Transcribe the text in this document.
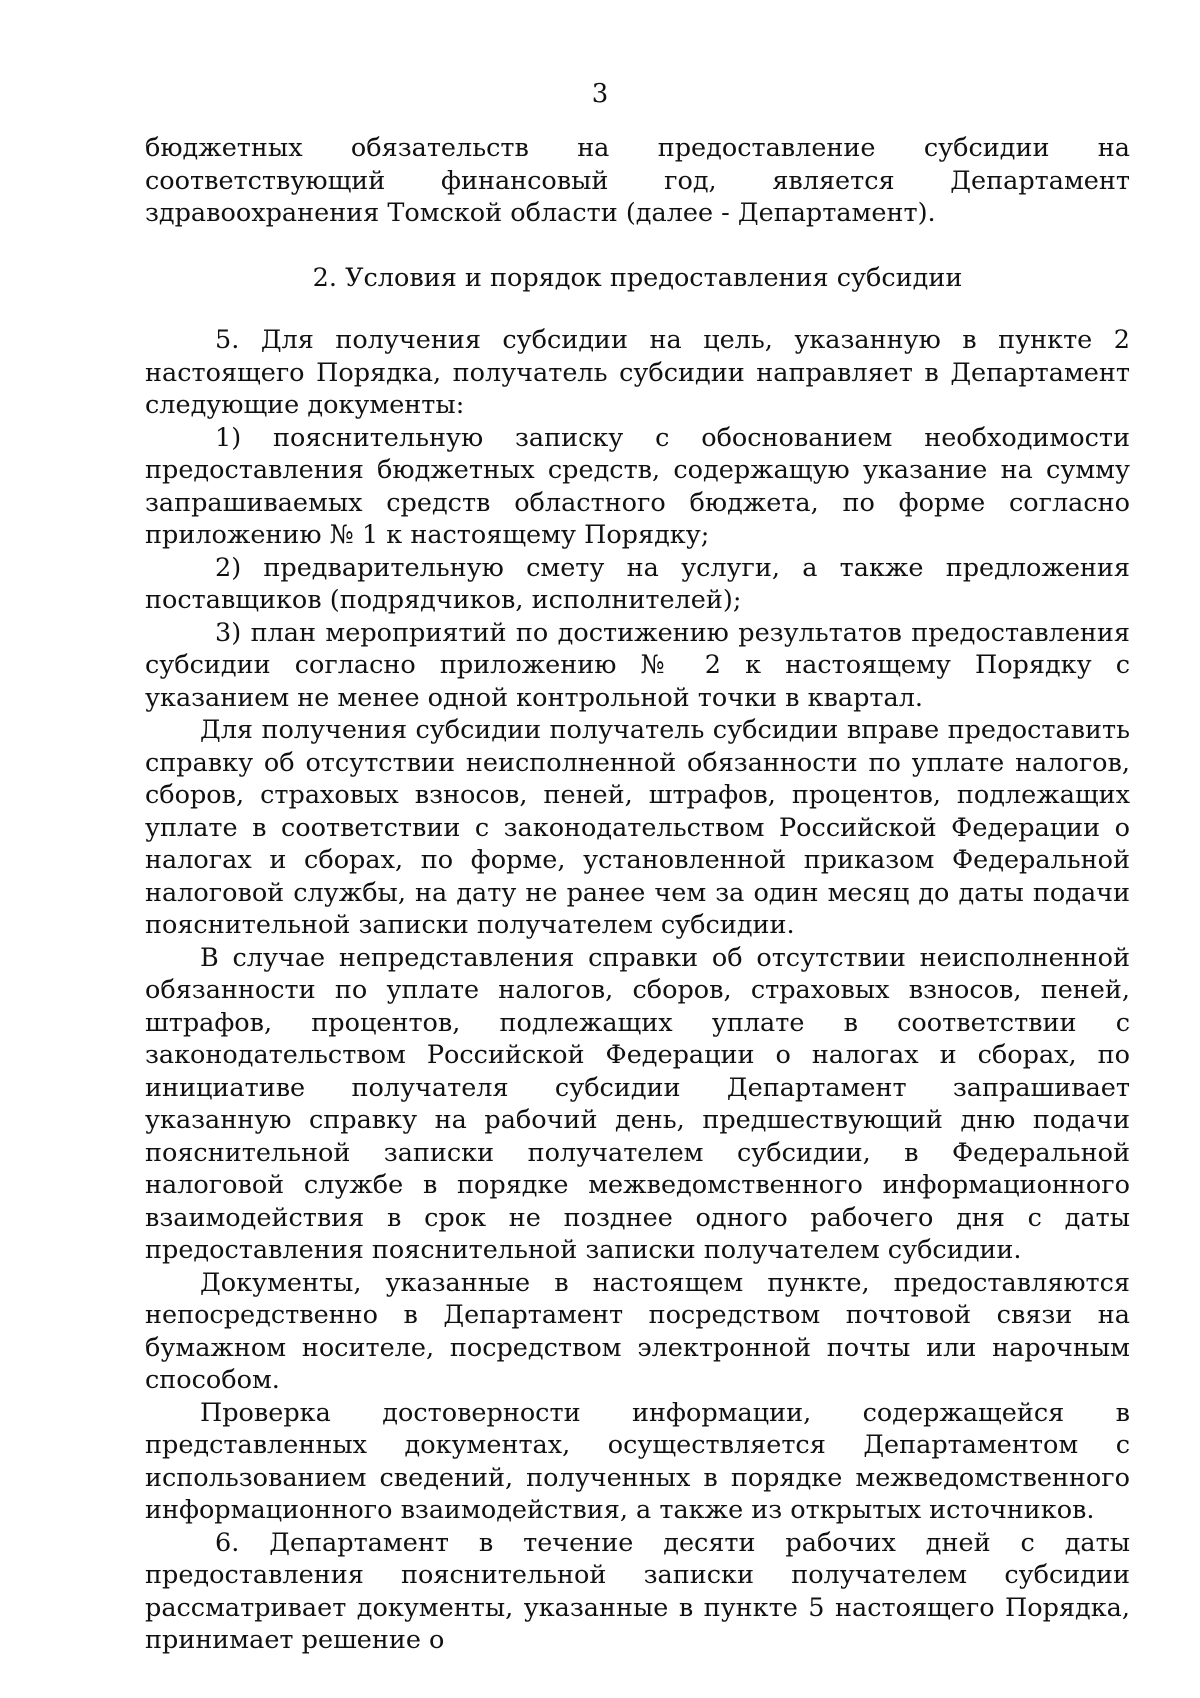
3

бюджетных обязательств на предоставление субсидии на соответствующий финансовый год, является Департамент здравоохранения Томской области (далее - Департамент).

2. Условия и порядок предоставления субсидии

5. Для получения субсидии на цель, указанную в пункте 2 настоящего Порядка, получатель субсидии направляет в Департамент следующие документы:

1) пояснительную записку с обоснованием необходимости предоставления бюджетных средств, содержащую указание на сумму запрашиваемых средств областного бюджета, по форме согласно приложению № 1 к настоящему Порядку;

2) предварительную смету на услуги, а также предложения поставщиков (подрядчиков, исполнителей);

3) план мероприятий по достижению результатов предоставления субсидии согласно приложению № 2 к настоящему Порядку с указанием не менее одной контрольной точки в квартал.

Для получения субсидии получатель субсидии вправе предоставить справку об отсутствии неисполненной обязанности по уплате налогов, сборов, страховых взносов, пеней, штрафов, процентов, подлежащих уплате в соответствии с законодательством Российской Федерации о налогах и сборах, по форме, установленной приказом Федеральной налоговой службы, на дату не ранее чем за один месяц до даты подачи пояснительной записки получателем субсидии.

В случае непредставления справки об отсутствии неисполненной обязанности по уплате налогов, сборов, страховых взносов, пеней, штрафов, процентов, подлежащих уплате в соответствии с законодательством Российской Федерации о налогах и сборах, по инициативе получателя субсидии Департамент запрашивает указанную справку на рабочий день, предшествующий дню подачи пояснительной записки получателем субсидии, в Федеральной налоговой службе в порядке межведомственного информационного взаимодействия в срок не позднее одного рабочего дня с даты предоставления пояснительной записки получателем субсидии.

Документы, указанные в настоящем пункте, предоставляются непосредственно в Департамент посредством почтовой связи на бумажном носителе, посредством электронной почты или нарочным способом.

Проверка достоверности информации, содержащейся в представленных документах, осуществляется Департаментом с использованием сведений, полученных в порядке межведомственного информационного взаимодействия, а также из открытых источников.

6. Департамент в течение десяти рабочих дней с даты предоставления пояснительной записки получателем субсидии рассматривает документы, указанные в пункте 5 настоящего Порядка, принимает решение о
